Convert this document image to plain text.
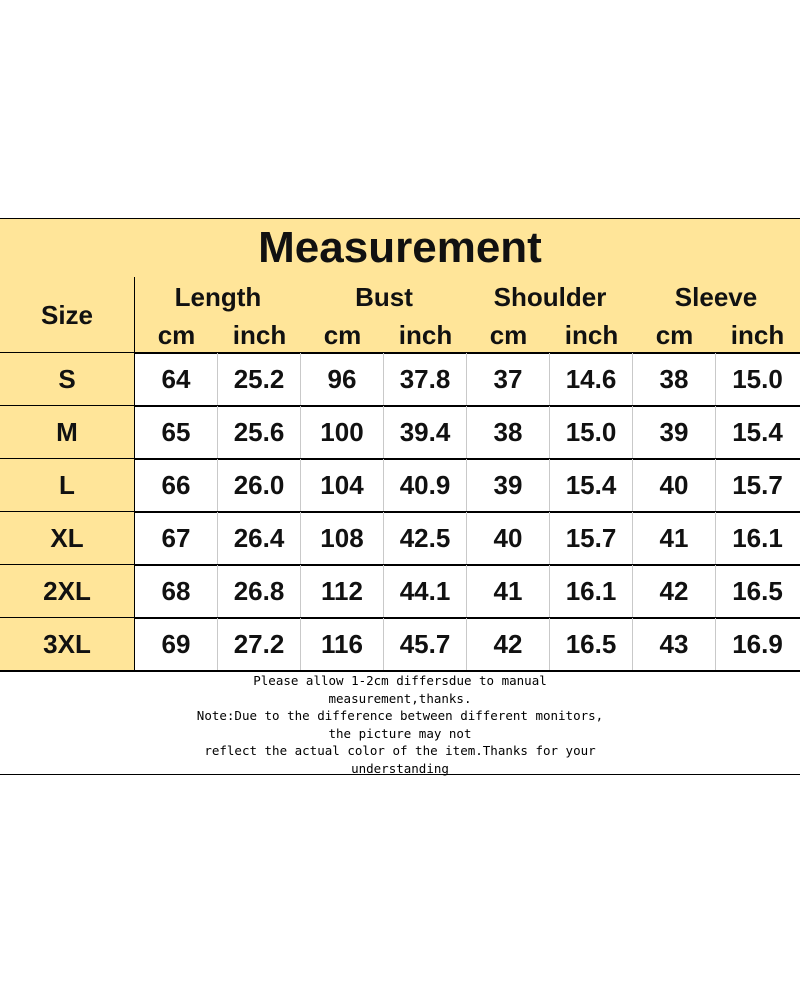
Measurement
Size
Length
cm	inch
Bust
cm	inch
Shoulder
cm	inch
Sleeve
cm	inch
S	64	25.2	96	37.8	37	14.6	38	15.0
M	65	25.6	100	39.4	38	15.0	39	15.4
L	66	26.0	104	40.9	39	15.4	40	15.7
XL	67	26.4	108	42.5	40	15.7	41	16.1
2XL	68	26.8	112	44.1	41	16.1	42	16.5
3XL	69	27.2	116	45.7	42	16.5	43	16.9
Please allow 1-2cm differsdue to manual
measurement,thanks.
Note:Due to the difference between different monitors,
the picture may not
reflect the actual color of the item.Thanks for your
understanding
